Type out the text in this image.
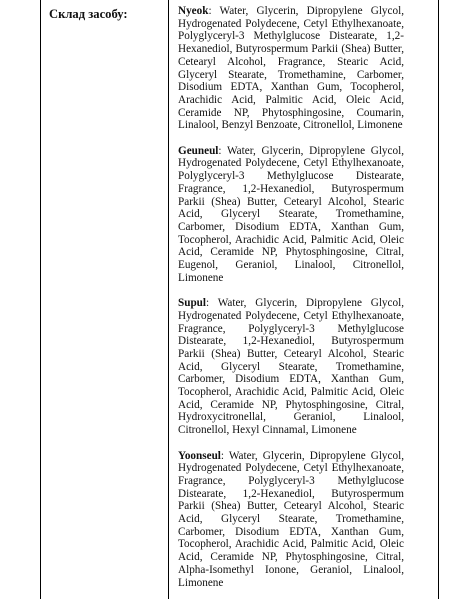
Склад засобу:	Nyeok: Water, Glycerin, Dipropylene Glycol, Hydrogenated Polydecene, Cetyl Ethylhexanoate, Polyglyceryl-3 Methylglucose Distearate, 1,2-Hexanediol, Butyrospermum Parkii (Shea) Butter, Cetearyl Alcohol, Fragrance, Stearic Acid, Glyceryl Stearate, Tromethamine, Carbomer, Disodium EDTA, Xanthan Gum, Tocopherol, Arachidic Acid, Palmitic Acid, Oleic Acid, Ceramide NP, Phytosphingosine, Coumarin, Linalool, Benzyl Benzoate, Citronellol, Limonene

Geuneul: Water, Glycerin, Dipropylene Glycol, Hydrogenated Polydecene, Cetyl Ethylhexanoate, Polyglyceryl-3 Methylglucose Distearate, Fragrance, 1,2-Hexanediol, Butyrospermum Parkii (Shea) Butter, Cetearyl Alcohol, Stearic Acid, Glyceryl Stearate, Tromethamine, Carbomer, Disodium EDTA, Xanthan Gum, Tocopherol, Arachidic Acid, Palmitic Acid, Oleic Acid, Ceramide NP, Phytosphingosine, Citral, Eugenol, Geraniol, Linalool, Citronellol, Limonene

Supul: Water, Glycerin, Dipropylene Glycol, Hydrogenated Polydecene, Cetyl Ethylhexanoate, Fragrance, Polyglyceryl-3 Methylglucose Distearate, 1,2-Hexanediol, Butyrospermum Parkii (Shea) Butter, Cetearyl Alcohol, Stearic Acid, Glyceryl Stearate, Tromethamine, Carbomer, Disodium EDTA, Xanthan Gum, Tocopherol, Arachidic Acid, Palmitic Acid, Oleic Acid, Ceramide NP, Phytosphingosine, Citral, Hydroxycitronellal, Geraniol, Linalool, Citronellol, Hexyl Cinnamal, Limonene

Yoonseul: Water, Glycerin, Dipropylene Glycol, Hydrogenated Polydecene, Cetyl Ethylhexanoate, Fragrance, Polyglyceryl-3 Methylglucose Distearate, 1,2-Hexanediol, Butyrospermum Parkii (Shea) Butter, Cetearyl Alcohol, Stearic Acid, Glyceryl Stearate, Tromethamine, Carbomer, Disodium EDTA, Xanthan Gum, Tocopherol, Arachidic Acid, Palmitic Acid, Oleic Acid, Ceramide NP, Phytosphingosine, Citral, Alpha-Isomethyl Ionone, Geraniol, Linalool, Limonene
